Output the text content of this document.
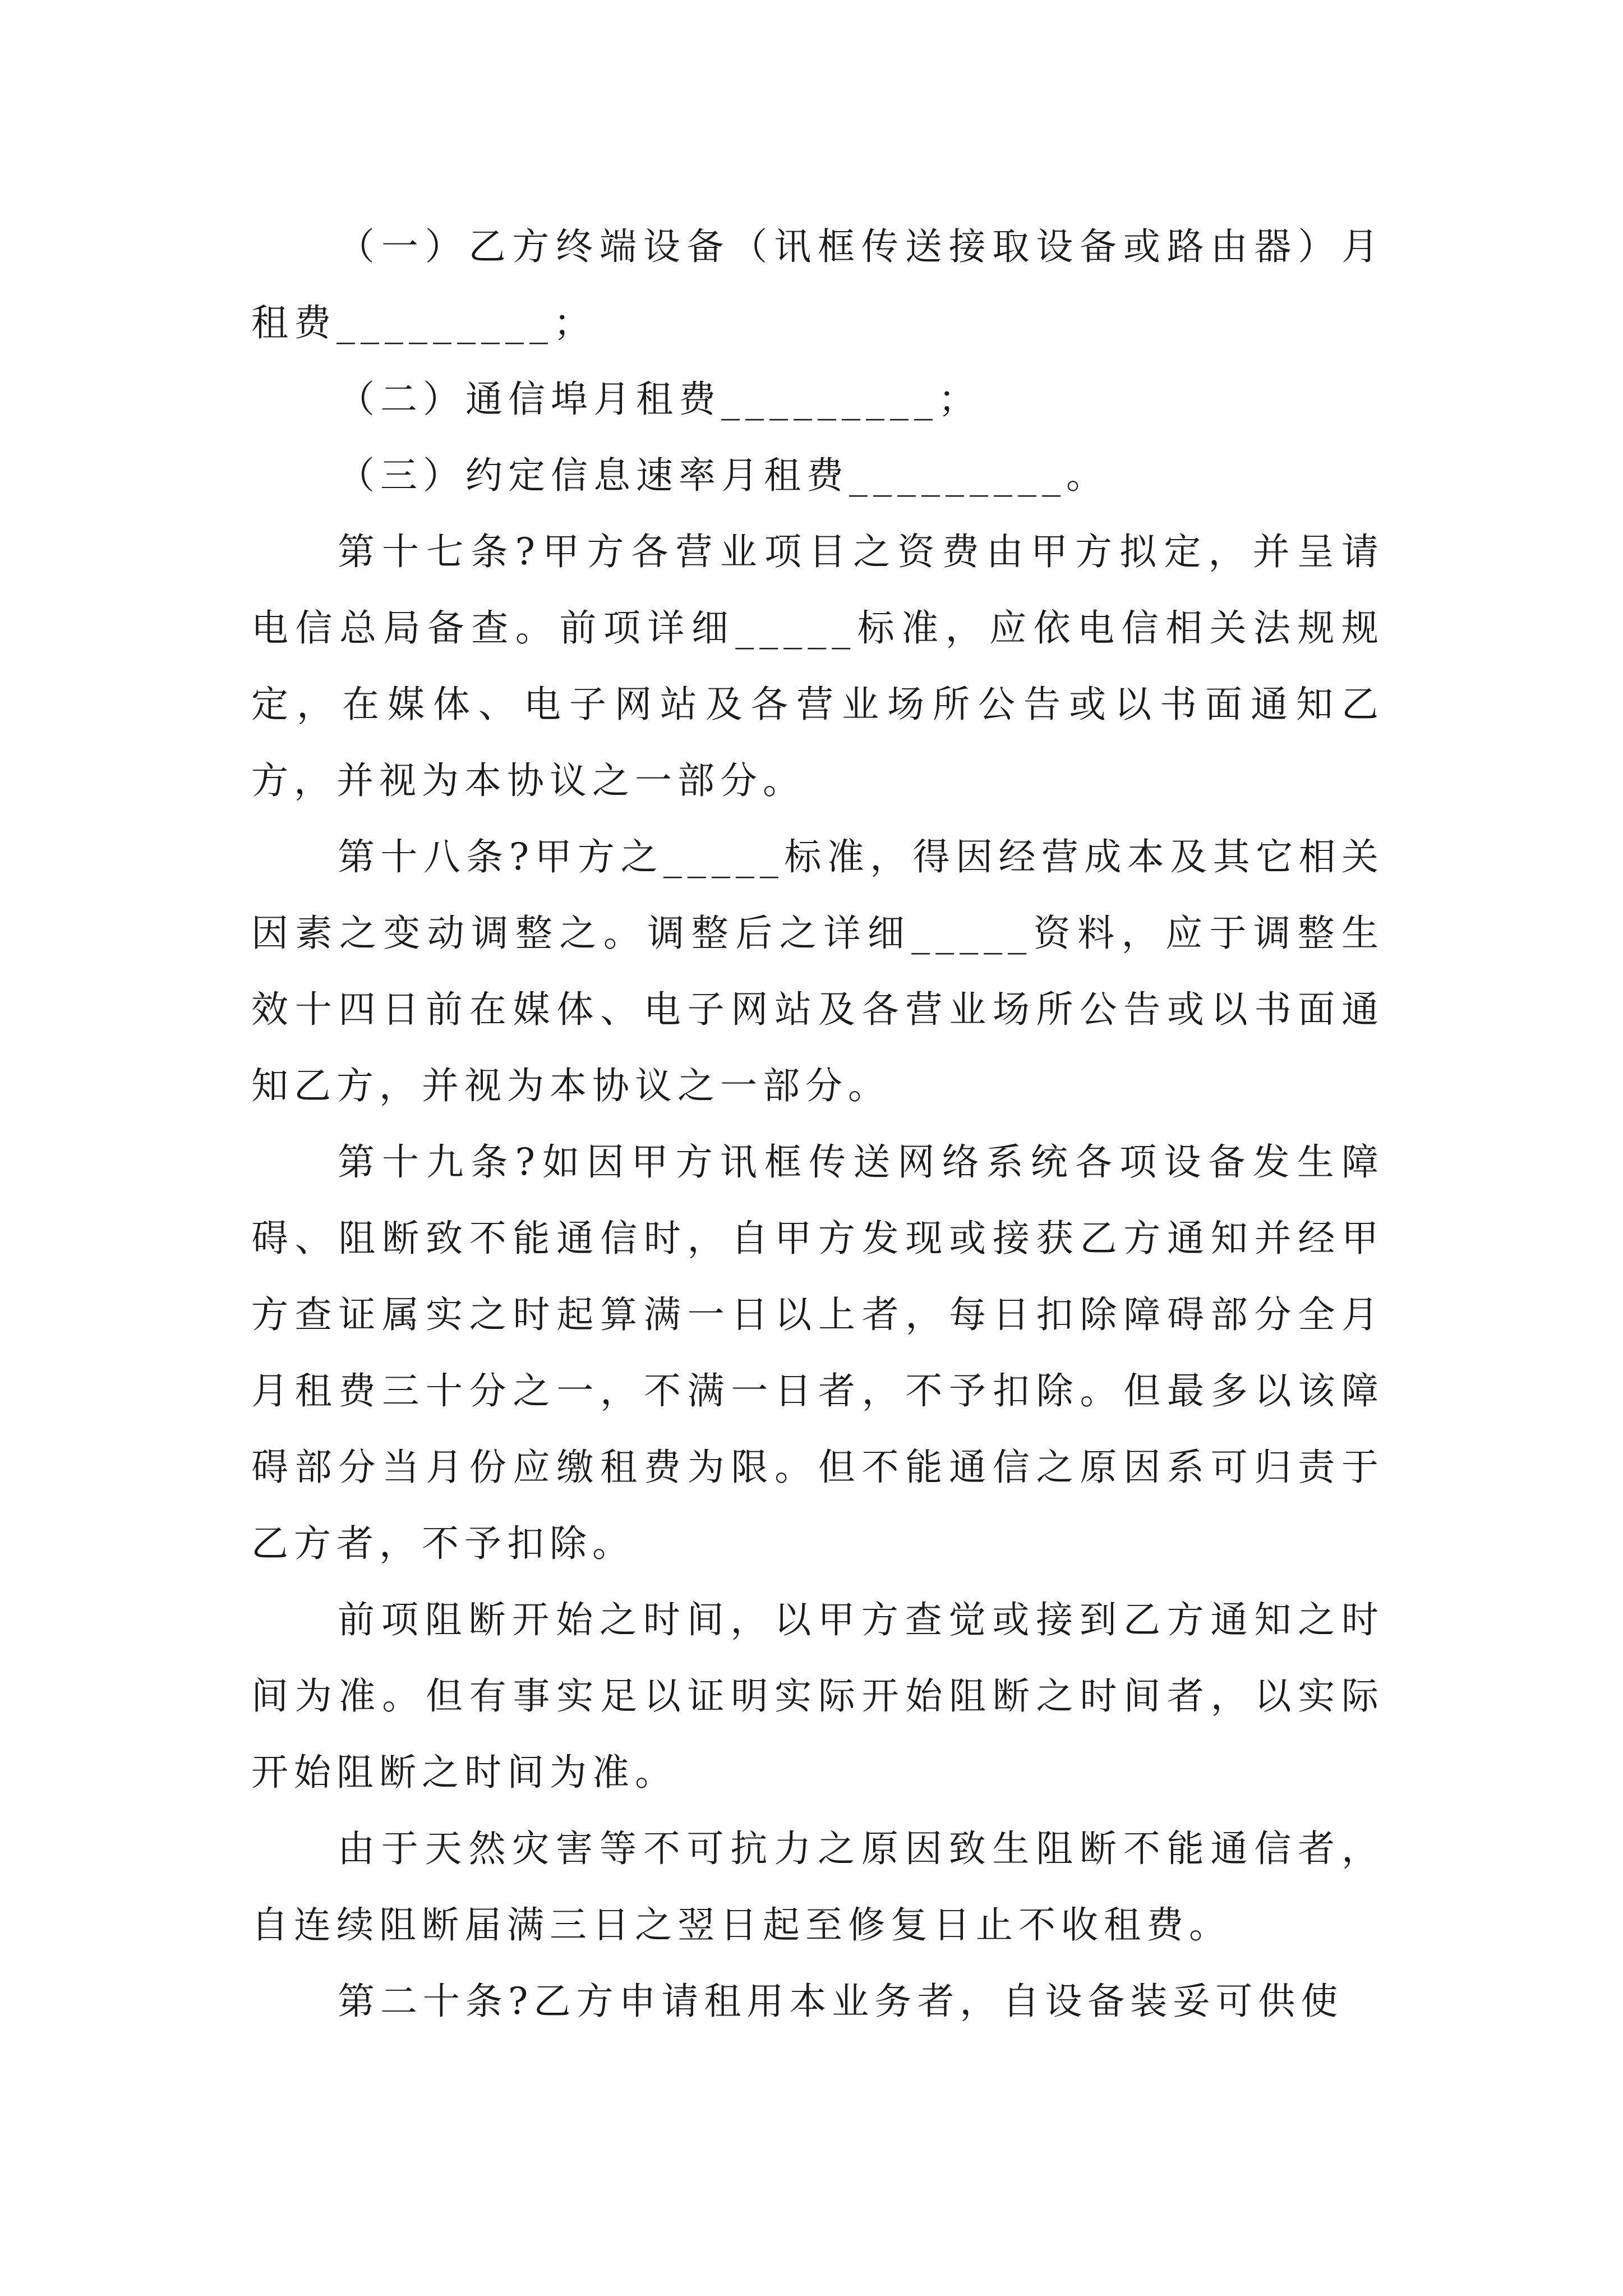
（一）乙方终端设备（讯框传送接取设备或路由器）月租费_________；

（二）通信埠月租费_________；

（三）约定信息速率月租费_________。

第十七条?甲方各营业项目之资费由甲方拟定，并呈请电信总局备查。前项详细_____标准，应依电信相关法规规定，在媒体、电子网站及各营业场所公告或以书面通知乙方，并视为本协议之一部分。

第十八条?甲方之_____标准，得因经营成本及其它相关因素之变动调整之。调整后之详细_____资料，应于调整生效十四日前在媒体、电子网站及各营业场所公告或以书面通知乙方，并视为本协议之一部分。

第十九条?如因甲方讯框传送网络系统各项设备发生障碍、阻断致不能通信时，自甲方发现或接获乙方通知并经甲方查证属实之时起算满一日以上者，每日扣除障碍部分全月月租费三十分之一，不满一日者，不予扣除。但最多以该障碍部分当月份应缴租费为限。但不能通信之原因系可归责于乙方者，不予扣除。

前项阻断开始之时间，以甲方查觉或接到乙方通知之时间为准。但有事实足以证明实际开始阻断之时间者，以实际开始阻断之时间为准。

由于天然灾害等不可抗力之原因致生阻断不能通信者，自连续阻断届满三日之翌日起至修复日止不收租费。

第二十条?乙方申请租用本业务者，自设备装妥可供使
